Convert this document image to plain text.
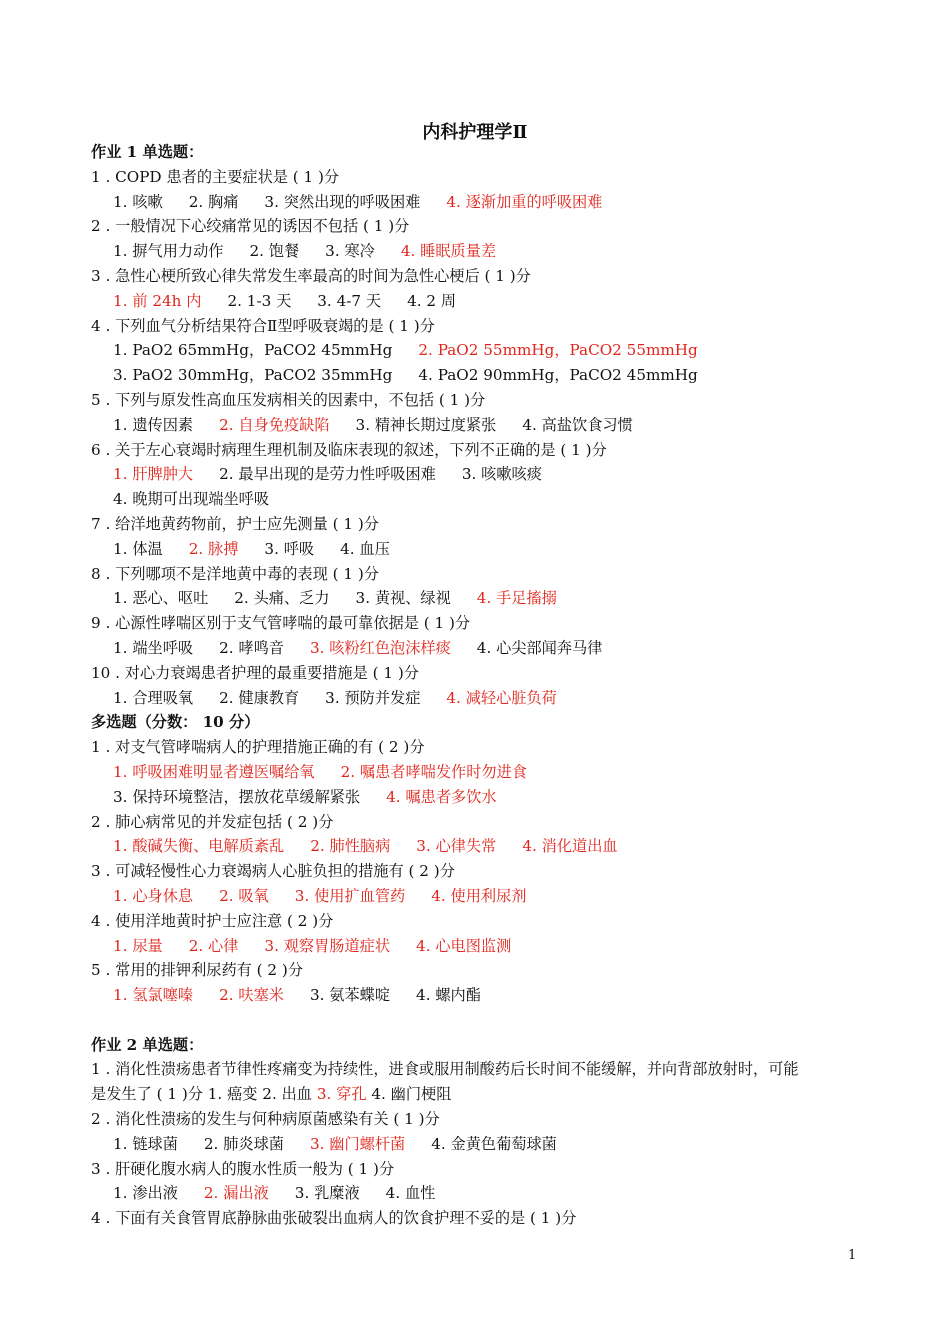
内科护理学Ⅱ
作业 1 单选题：
1 . COPD 患者的主要症状是 ( 1 )分
1. 咳嗽 2. 胸痛 3. 突然出现的呼吸困难 4. 逐渐加重的呼吸困难
2 . 一般情况下心绞痛常见的诱因不包括 ( 1 )分
1. 摒气用力动作 2. 饱餐 3. 寒冷 4. 睡眠质量差
3 . 急性心梗所致心律失常发生率最高的时间为急性心梗后 ( 1 )分
1. 前 24h 内 2. 1-3 天 3. 4-7 天 4. 2 周
4 . 下列血气分析结果符合Ⅱ型呼吸衰竭的是 ( 1 )分
1. PaO2 65mmHg，PaCO2 45mmHg 2. PaO2 55mmHg，PaCO2 55mmHg
3. PaO2 30mmHg，PaCO2 35mmHg 4. PaO2 90mmHg，PaCO2 45mmHg
5 . 下列与原发性高血压发病相关的因素中，不包括 ( 1 )分
1. 遗传因素 2. 自身免疫缺陷 3. 精神长期过度紧张 4. 高盐饮食习惯
6 . 关于左心衰竭时病理生理机制及临床表现的叙述，下列不正确的是 ( 1 )分
1. 肝脾肿大 2. 最早出现的是劳力性呼吸困难 3. 咳嗽咳痰
4. 晚期可出现端坐呼吸
7 . 给洋地黄药物前，护士应先测量 ( 1 )分
1. 体温 2. 脉搏 3. 呼吸 4. 血压
8 . 下列哪项不是洋地黄中毒的表现 ( 1 )分
1. 恶心、呕吐 2. 头痛、乏力 3. 黄视、绿视 4. 手足搐搦
9 . 心源性哮喘区别于支气管哮喘的最可靠依据是 ( 1 )分
1. 端坐呼吸 2. 哮鸣音 3. 咳粉红色泡沫样痰 4. 心尖部闻奔马律
10 . 对心力衰竭患者护理的最重要措施是 ( 1 )分
1. 合理吸氧 2. 健康教育 3. 预防并发症 4. 减轻心脏负荷
多选题（分数： 10 分）
1 . 对支气管哮喘病人的护理措施正确的有 ( 2 )分
1. 呼吸困难明显者遵医嘱给氧 2. 嘱患者哮喘发作时勿进食
3. 保持环境整洁，摆放花草缓解紧张 4. 嘱患者多饮水
2 . 肺心病常见的并发症包括 ( 2 )分
1. 酸碱失衡、电解质紊乱 2. 肺性脑病 3. 心律失常 4. 消化道出血
3 . 可减轻慢性心力衰竭病人心脏负担的措施有 ( 2 )分
1. 心身休息 2. 吸氧 3. 使用扩血管药 4. 使用利尿剂
4 . 使用洋地黄时护士应注意 ( 2 )分
1. 尿量 2. 心律 3. 观察胃肠道症状 4. 心电图监测
5 . 常用的排钾利尿药有 ( 2 )分
1. 氢氯噻嗪 2. 呋塞米 3. 氨苯蝶啶 4. 螺内酯

作业 2 单选题：
1 . 消化性溃疡患者节律性疼痛变为持续性，进食或服用制酸药后长时间不能缓解，并向背部放射时，可能
是发生了 ( 1 )分 1. 癌变 2. 出血 3. 穿孔 4. 幽门梗阻
2 . 消化性溃疡的发生与何种病原菌感染有关 ( 1 )分
1. 链球菌 2. 肺炎球菌 3. 幽门螺杆菌 4. 金黄色葡萄球菌
3 . 肝硬化腹水病人的腹水性质一般为 ( 1 )分
1. 渗出液 2. 漏出液 3. 乳糜液 4. 血性
4 . 下面有关食管胃底静脉曲张破裂出血病人的饮食护理不妥的是 ( 1 )分
1
